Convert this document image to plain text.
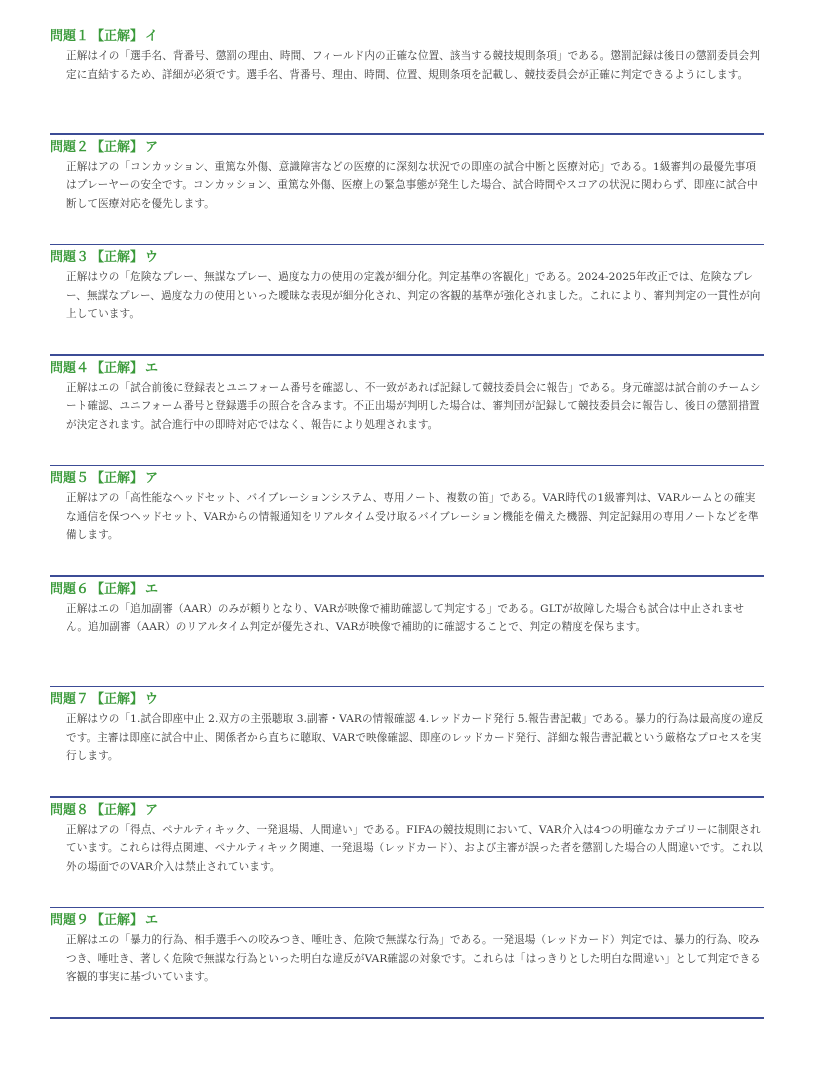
問題１ 【正解】 イ
正解はイの「選手名、背番号、懲罰の理由、時間、フィールド内の正確な位置、該当する競技規則条項」である。懲罰記録は後日の懲罰委員会判定に直結するため、詳細が必須です。選手名、背番号、理由、時間、位置、規則条項を記載し、競技委員会が正確に判定できるようにします。
問題２ 【正解】 ア
正解はアの「コンカッション、重篤な外傷、意識障害などの医療的に深刻な状況での即座の試合中断と医療対応」である。1級審判の最優先事項はプレーヤーの安全です。コンカッション、重篤な外傷、医療上の緊急事態が発生した場合、試合時間やスコアの状況に関わらず、即座に試合中断して医療対応を優先します。
問題３ 【正解】 ウ
正解はウの「危険なプレー、無謀なプレー、過度な力の使用の定義が細分化。判定基準の客観化」である。2024-2025年改正では、危険なプレー、無謀なプレー、過度な力の使用といった曖昧な表現が細分化され、判定の客観的基準が強化されました。これにより、審判判定の一貫性が向上しています。
問題４ 【正解】 エ
正解はエの「試合前後に登録表とユニフォーム番号を確認し、不一致があれば記録して競技委員会に報告」である。身元確認は試合前のチームシート確認、ユニフォーム番号と登録選手の照合を含みます。不正出場が判明した場合は、審判団が記録して競技委員会に報告し、後日の懲罰措置が決定されます。試合進行中の即時対応ではなく、報告により処理されます。
問題５ 【正解】 ア
正解はアの「高性能なヘッドセット、バイブレーションシステム、専用ノート、複数の笛」である。VAR時代の1級審判は、VARルームとの確実な通信を保つヘッドセット、VARからの情報通知をリアルタイム受け取るバイブレーション機能を備えた機器、判定記録用の専用ノートなどを準備します。
問題６ 【正解】 エ
正解はエの「追加副審（AAR）のみが頼りとなり、VARが映像で補助確認して判定する」である。GLTが故障した場合も試合は中止されません。追加副審（AAR）のリアルタイム判定が優先され、VARが映像で補助的に確認することで、判定の精度を保ちます。
問題７ 【正解】 ウ
正解はウの「1.試合即座中止 2.双方の主張聴取 3.副審・VARの情報確認 4.レッドカード発行 5.報告書記載」である。暴力的行為は最高度の違反です。主審は即座に試合中止、関係者から直ちに聴取、VARで映像確認、即座のレッドカード発行、詳細な報告書記載という厳格なプロセスを実行します。
問題８ 【正解】 ア
正解はアの「得点、ペナルティキック、一発退場、人間違い」である。FIFAの競技規則において、VAR介入は4つの明確なカテゴリーに制限されています。これらは得点関連、ペナルティキック関連、一発退場（レッドカード）、および主審が誤った者を懲罰した場合の人間違いです。これ以外の場面でのVAR介入は禁止されています。
問題９ 【正解】 エ
正解はエの「暴力的行為、相手選手への咬みつき、唾吐き、危険で無謀な行為」である。一発退場（レッドカード）判定では、暴力的行為、咬みつき、唾吐き、著しく危険で無謀な行為といった明白な違反がVAR確認の対象です。これらは「はっきりとした明白な間違い」として判定できる客観的事実に基づいています。
